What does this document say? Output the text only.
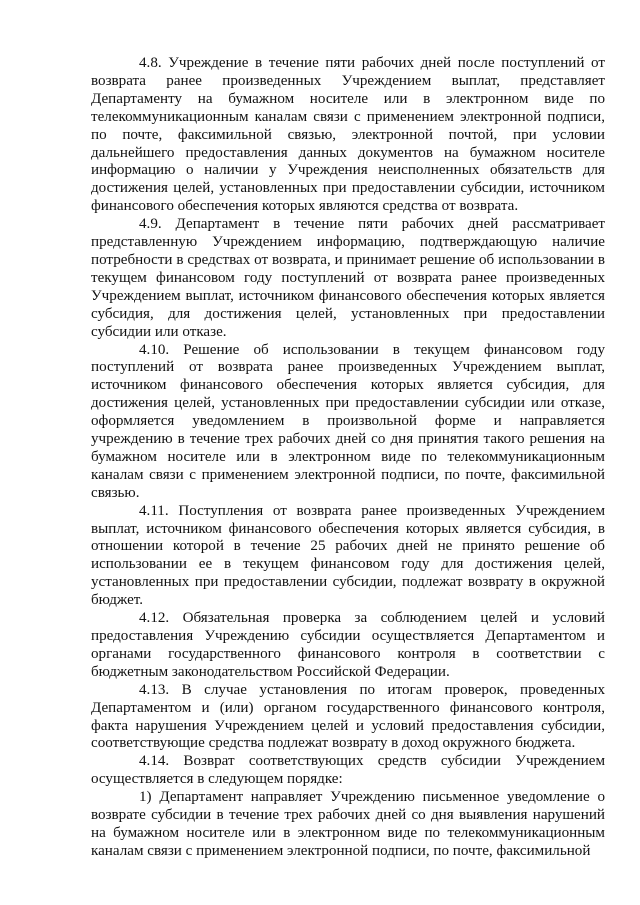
4.8. Учреждение в течение пяти рабочих дней после поступлений от возврата ранее произведенных Учреждением выплат, представляет Департаменту на бумажном носителе или в электронном виде по телекоммуникационным каналам связи с применением электронной подписи, по почте, факсимильной связью, электронной почтой, при условии дальнейшего предоставления данных документов на бумажном носителе информацию о наличии у Учреждения неисполненных обязательств для достижения целей, установленных при предоставлении субсидии, источником финансового обеспечения которых являются средства от возврата.

4.9. Департамент в течение пяти рабочих дней рассматривает представленную Учреждением информацию, подтверждающую наличие потребности в средствах от возврата, и принимает решение об использовании в текущем финансовом году поступлений от возврата ранее произведенных Учреждением выплат, источником финансового обеспечения которых является субсидия, для достижения целей, установленных при предоставлении субсидии или отказе.

4.10. Решение об использовании в текущем финансовом году поступлений от возврата ранее произведенных Учреждением выплат, источником финансового обеспечения которых является субсидия, для достижения целей, установленных при предоставлении субсидии или отказе, оформляется уведомлением в произвольной форме и направляется учреждению в течение трех рабочих дней со дня принятия такого решения на бумажном носителе или в электронном виде по телекоммуникационным каналам связи с применением электронной подписи, по почте, факсимильной связью.

4.11. Поступления от возврата ранее произведенных Учреждением выплат, источником финансового обеспечения которых является субсидия, в отношении которой в течение 25 рабочих дней не принято решение об использовании ее в текущем финансовом году для достижения целей, установленных при предоставлении субсидии, подлежат возврату в окружной бюджет.

4.12. Обязательная проверка за соблюдением целей и условий предоставления Учреждению субсидии осуществляется Департаментом и органами государственного финансового контроля в соответствии с бюджетным законодательством Российской Федерации.

4.13. В случае установления по итогам проверок, проведенных Департаментом и (или) органом государственного финансового контроля, факта нарушения Учреждением целей и условий предоставления субсидии, соответствующие средства подлежат возврату в доход окружного бюджета.

4.14. Возврат соответствующих средств субсидии Учреждением осуществляется в следующем порядке:

1) Департамент направляет Учреждению письменное уведомление о возврате субсидии в течение трех рабочих дней со дня выявления нарушений на бумажном носителе или в электронном виде по телекоммуникационным каналам связи с применением электронной подписи, по почте, факсимильной
